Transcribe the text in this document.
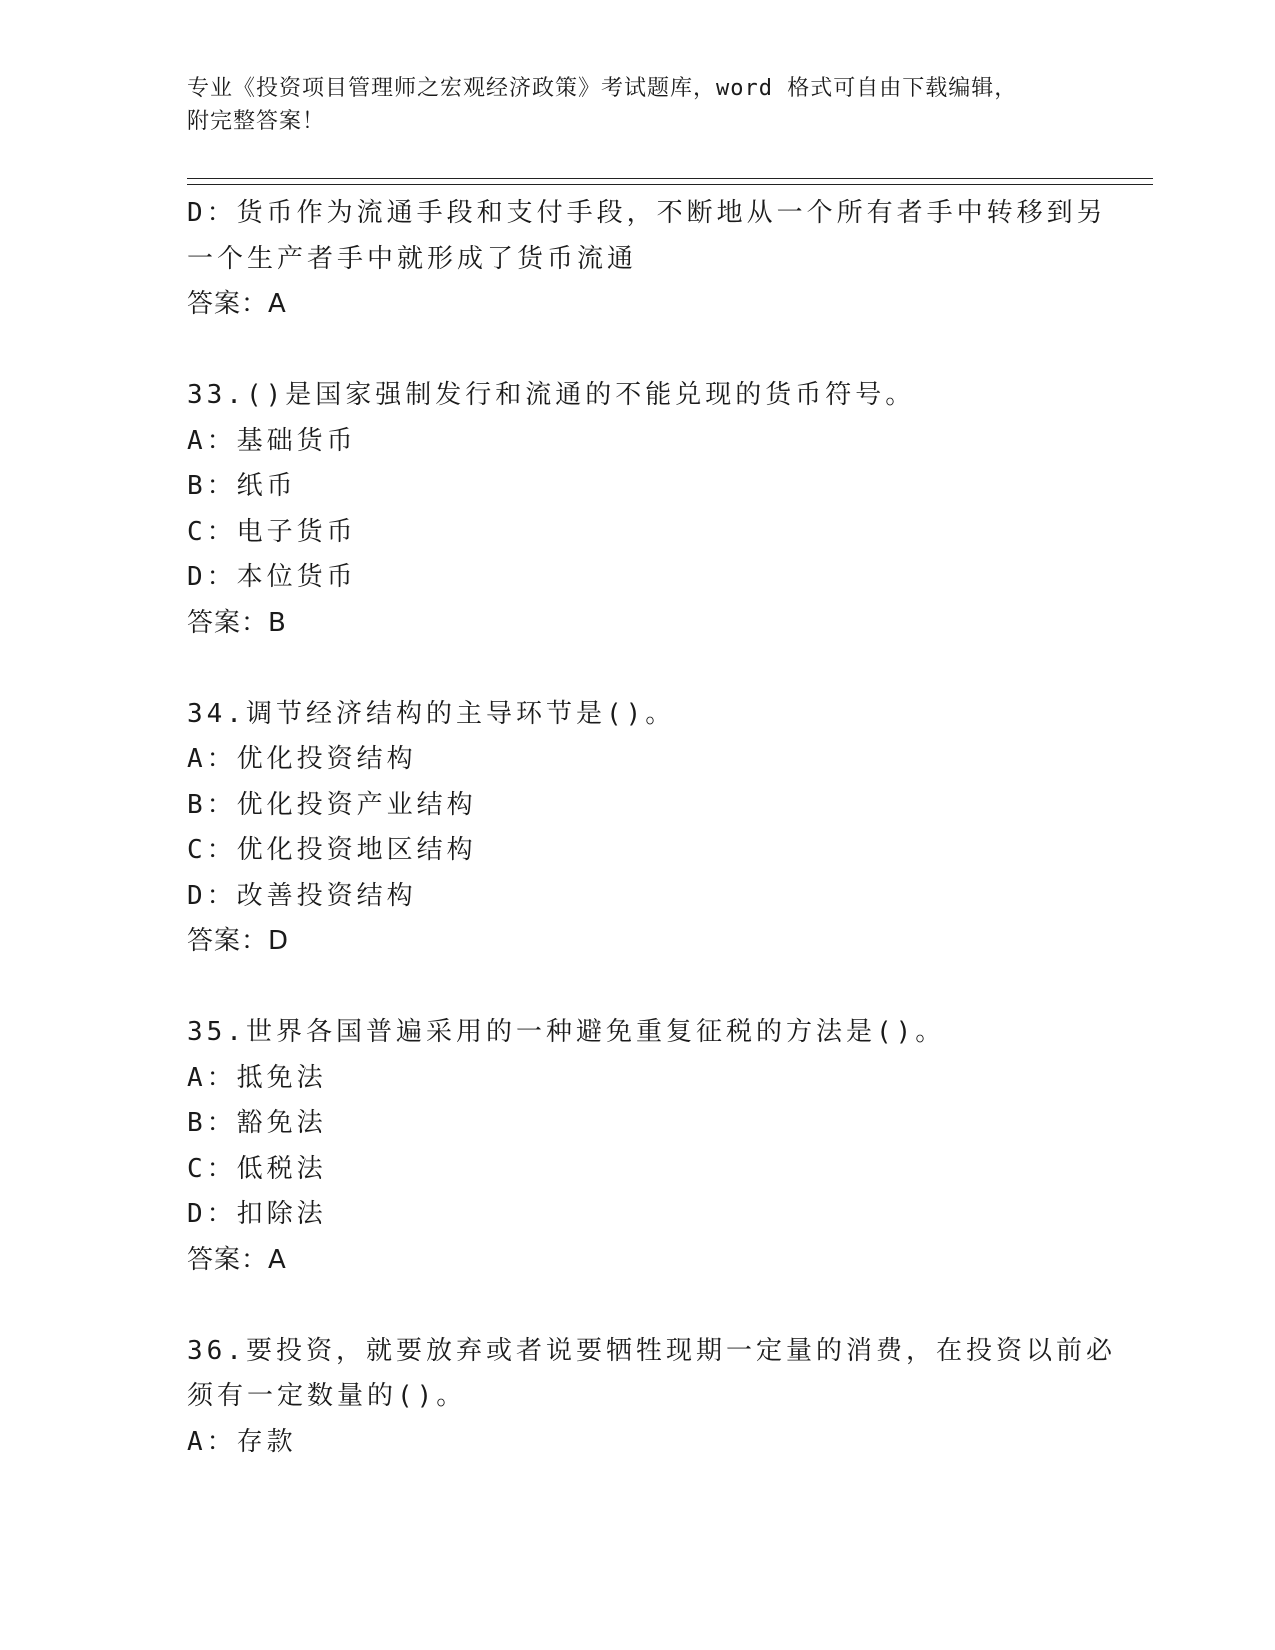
专业《投资项目管理师之宏观经济政策》考试题库，word 格式可自由下载编辑，
附完整答案！

D：货币作为流通手段和支付手段，不断地从一个所有者手中转移到另

一个生产者手中就形成了货币流通

答案：A

33.()是国家强制发行和流通的不能兑现的货币符号。

A：基础货币

B：纸币

C：电子货币

D：本位货币

答案：B

34.调节经济结构的主导环节是()。

A：优化投资结构

B：优化投资产业结构

C：优化投资地区结构

D：改善投资结构

答案：D

35.世界各国普遍采用的一种避免重复征税的方法是()。

A：抵免法

B：豁免法

C：低税法

D：扣除法

答案：A

36.要投资，就要放弃或者说要牺牲现期一定量的消费，在投资以前必

须有一定数量的()。

A：存款
